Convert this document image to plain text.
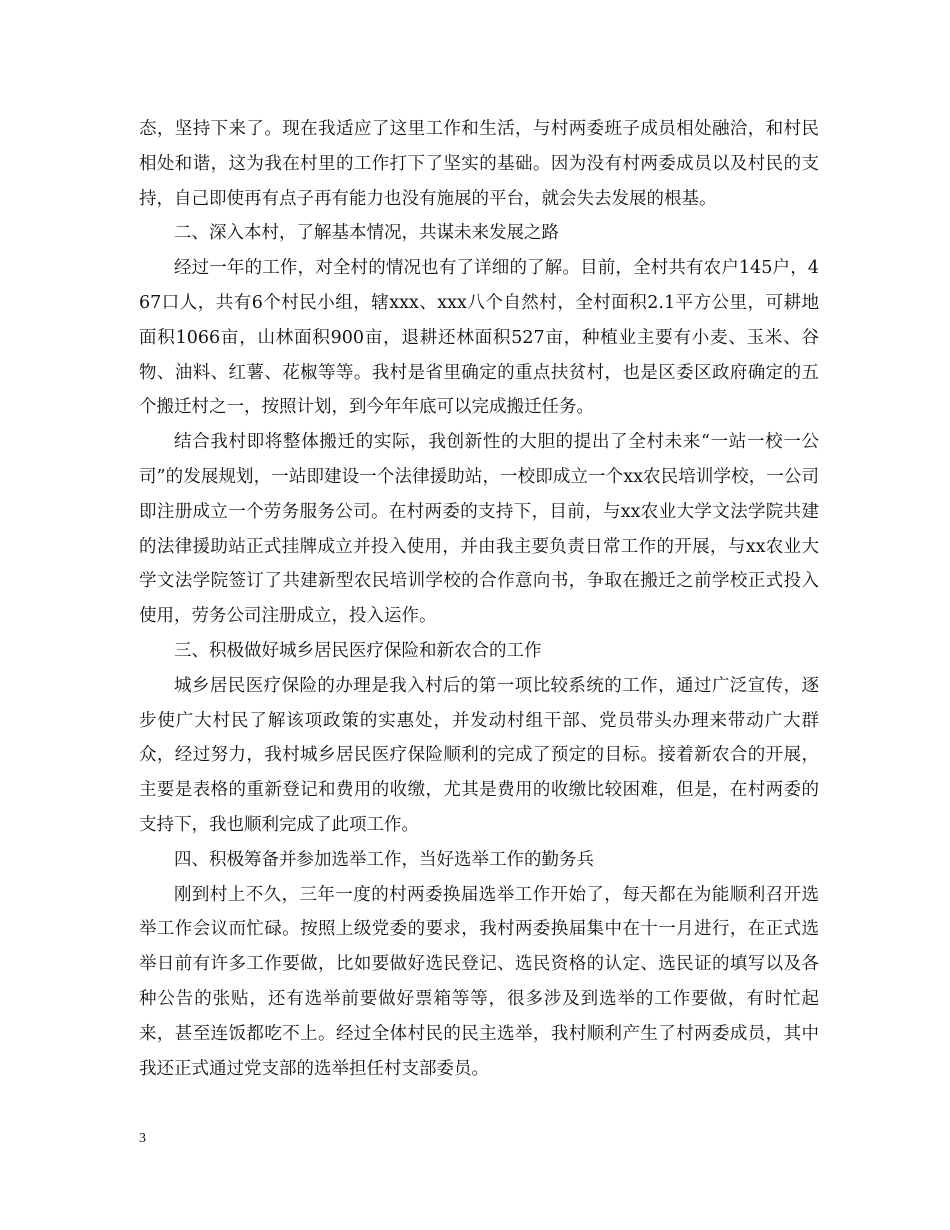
态，坚持下来了。现在我适应了这里工作和生活，与村两委班子成员相处融洽，和村民相处和谐，这为我在村里的工作打下了坚实的基础。因为没有村两委成员以及村民的支持，自己即使再有点子再有能力也没有施展的平台，就会失去发展的根基。

二、深入本村，了解基本情况，共谋未来发展之路

经过一年的工作，对全村的情况也有了详细的了解。目前，全村共有农户145户，467口人，共有6个村民小组，辖xxx、xxx八个自然村，全村面积2.1平方公里，可耕地面积1066亩，山林面积900亩，退耕还林面积527亩，种植业主要有小麦、玉米、谷物、油料、红薯、花椒等等。我村是省里确定的重点扶贫村，也是区委区政府确定的五个搬迁村之一，按照计划，到今年年底可以完成搬迁任务。

结合我村即将整体搬迁的实际，我创新性的大胆的提出了全村未来“一站一校一公司”的发展规划，一站即建设一个法律援助站，一校即成立一个xx农民培训学校，一公司即注册成立一个劳务服务公司。在村两委的支持下，目前，与xx农业大学文法学院共建的法律援助站正式挂牌成立并投入使用，并由我主要负责日常工作的开展，与xx农业大学文法学院签订了共建新型农民培训学校的合作意向书，争取在搬迁之前学校正式投入使用，劳务公司注册成立，投入运作。

三、积极做好城乡居民医疗保险和新农合的工作

城乡居民医疗保险的办理是我入村后的第一项比较系统的工作，通过广泛宣传，逐步使广大村民了解该项政策的实惠处，并发动村组干部、党员带头办理来带动广大群众，经过努力，我村城乡居民医疗保险顺利的完成了预定的目标。接着新农合的开展，主要是表格的重新登记和费用的收缴，尤其是费用的收缴比较困难，但是，在村两委的支持下，我也顺利完成了此项工作。

四、积极筹备并参加选举工作，当好选举工作的勤务兵

刚到村上不久，三年一度的村两委换届选举工作开始了，每天都在为能顺利召开选举工作会议而忙碌。按照上级党委的要求，我村两委换届集中在十一月进行，在正式选举日前有许多工作要做，比如要做好选民登记、选民资格的认定、选民证的填写以及各种公告的张贴，还有选举前要做好票箱等等，很多涉及到选举的工作要做，有时忙起来，甚至连饭都吃不上。经过全体村民的民主选举，我村顺利产生了村两委成员，其中我还正式通过党支部的选举担任村支部委员。

3
